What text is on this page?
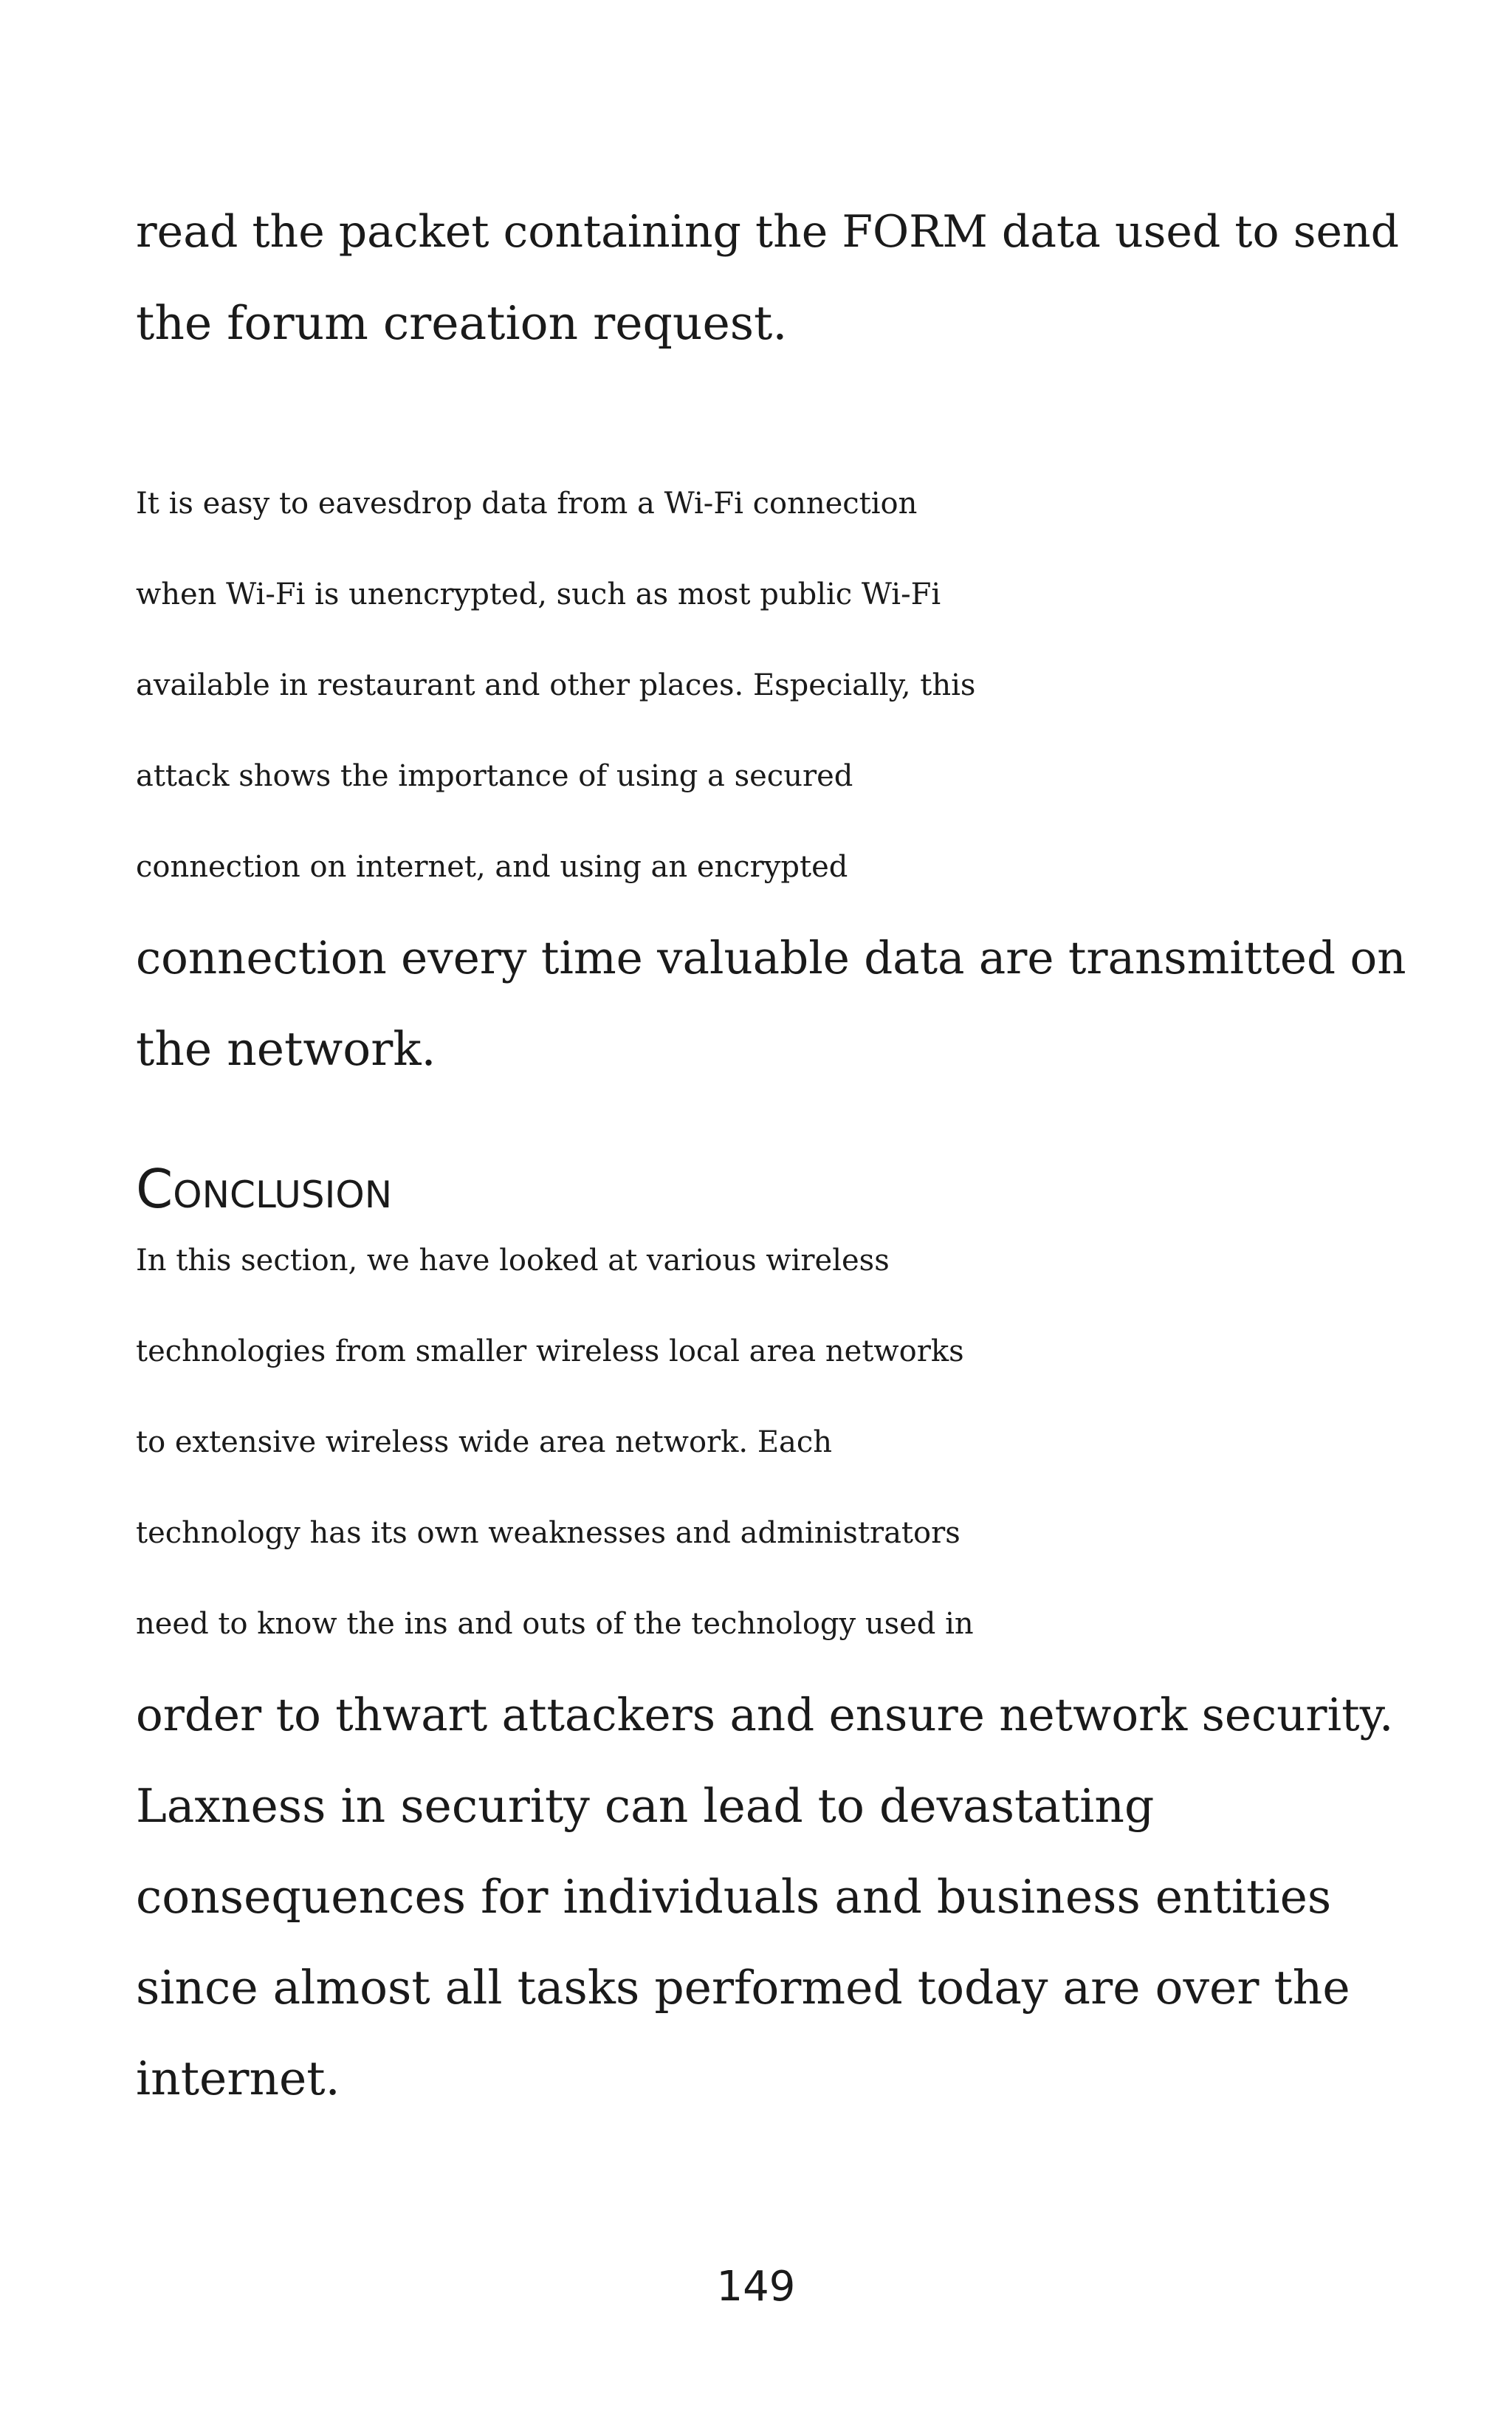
read the packet containing the FORM data used to send
the forum creation request.

It is easy to eavesdrop data from a Wi-Fi connection
when Wi-Fi is unencrypted, such as most public Wi-Fi
available in restaurant and other places. Especially, this
attack shows the importance of using a secured
connection on internet, and using an encrypted
connection every time valuable data are transmitted on
the network.

Conclusion

In this section, we have looked at various wireless
technologies from smaller wireless local area networks
to extensive wireless wide area network. Each
technology has its own weaknesses and administrators
need to know the ins and outs of the technology used in
order to thwart attackers and ensure network security.
Laxness in security can lead to devastating
consequences for individuals and business entities
since almost all tasks performed today are over the
internet.

149
